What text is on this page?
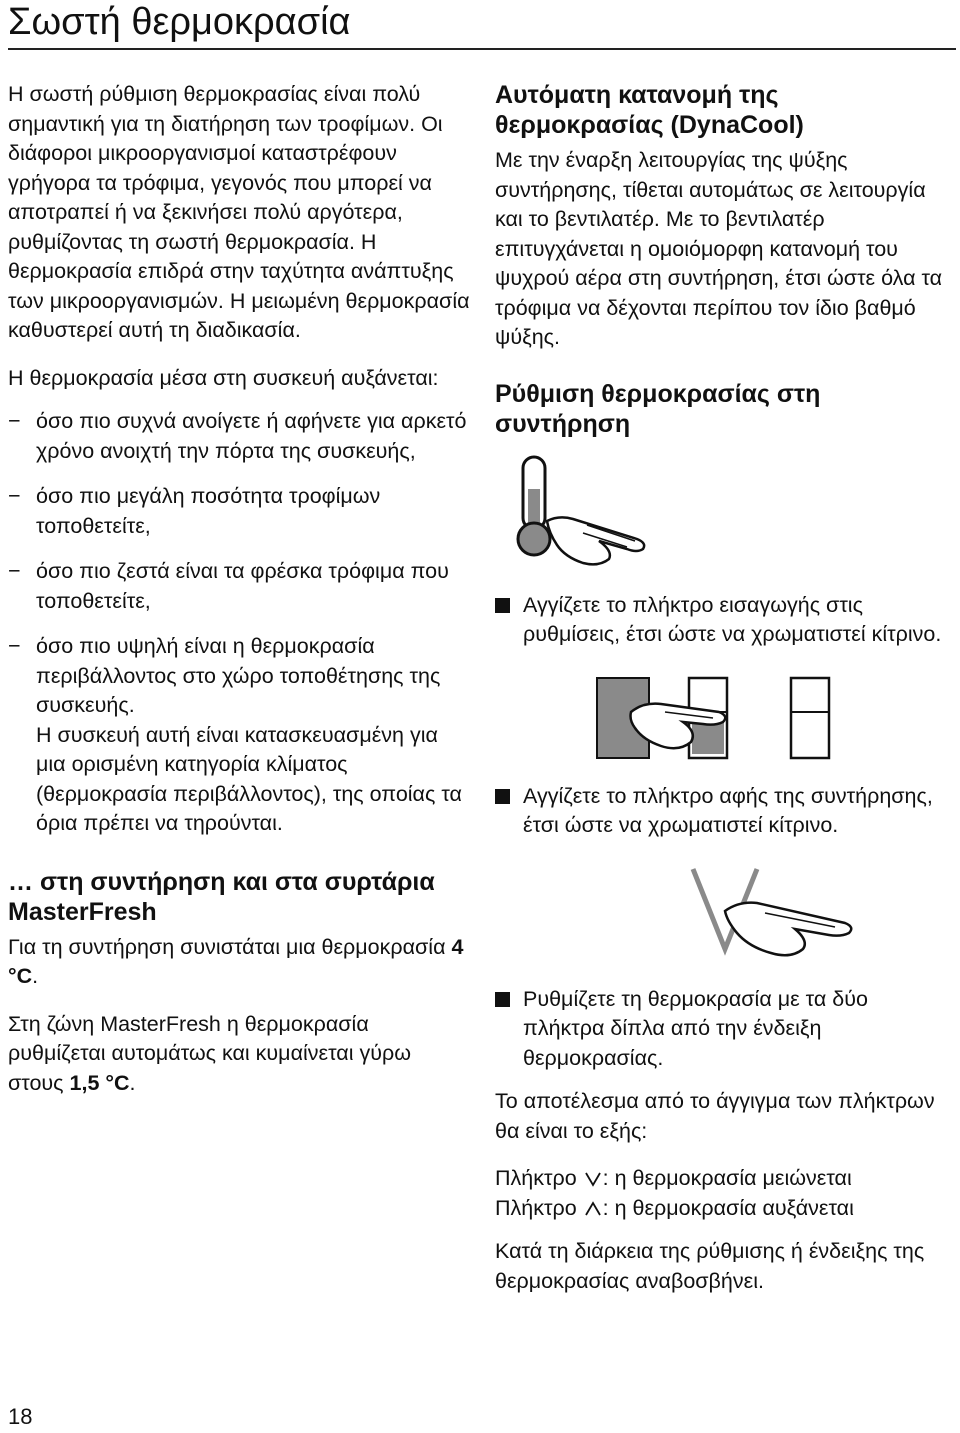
Σωστή θερμοκρασία

Η σωστή ρύθμιση θερμοκρασίας είναι πολύ σημαντική για τη διατήρηση των τροφίμων. Οι διάφοροι μικροοργανισμοί καταστρέφουν γρήγορα τα τρόφιμα, γεγονός που μπορεί να αποτραπεί ή να ξεκινήσει πολύ αργότερα, ρυθμίζοντας τη σωστή θερμοκρασία. Η θερμοκρασία επιδρά στην ταχύτητα ανάπτυξης των μικροοργανισμών. Η μειωμένη θερμοκρασία καθυστερεί αυτή τη διαδικασία.

Η θερμοκρασία μέσα στη συσκευή αυξάνεται:

− όσο πιο συχνά ανοίγετε ή αφήνετε για αρκετό χρόνο ανοιχτή την πόρτα της συσκευής,
− όσο πιο μεγάλη ποσότητα τροφίμων τοποθετείτε,
− όσο πιο ζεστά είναι τα φρέσκα τρόφιμα που τοποθετείτε,
− όσο πιο υψηλή είναι η θερμοκρασία περιβάλλοντος στο χώρο τοποθέτησης της συσκευής.
Η συσκευή αυτή είναι κατασκευασμένη για μια ορισμένη κατηγορία κλίματος (θερμοκρασία περιβάλλοντος), της οποίας τα όρια πρέπει να τηρούνται.
… στη συντήρηση και στα συρτάρια MasterFresh

Για τη συντήρηση συνιστάται μια θερμοκρασία 4 °C.

Στη ζώνη MasterFresh η θερμοκρασία ρυθμίζεται αυτομάτως και κυμαίνεται γύρω στους 1,5 °C.

Αυτόματη κατανομή της θερμοκρασίας (DynaCool)

Με την έναρξη λειτουργίας της ψύξης συντήρησης, τίθεται αυτομάτως σε λειτουργία και το βεντιλατέρ. Με το βεντιλατέρ επιτυγχάνεται η ομοιόμορφη κατανομή του ψυχρού αέρα στη συντήρηση, έτσι ώστε όλα τα τρόφιμα να δέχονται περίπου τον ίδιο βαθμό ψύξης.

Ρύθμιση θερμοκρασίας στη συντήρηση
Αγγίζετε το πλήκτρο εισαγωγής στις ρυθμίσεις, έτσι ώστε να χρωματιστεί κίτρινο.
Αγγίζετε το πλήκτρο αφής της συντήρησης, έτσι ώστε να χρωματιστεί κίτρινο.
Ρυθμίζετε τη θερμοκρασία με τα δύο πλήκτρα δίπλα από την ένδειξη θερμοκρασίας.

Το αποτέλεσμα από το άγγιγμα των πλήκτρων θα είναι το εξής:

Πλήκτρο : η θερμοκρασία μειώνεται
Πλήκτρο : η θερμοκρασία αυξάνεται

Κατά τη διάρκεια της ρύθμισης ή ένδειξης της θερμοκρασίας αναβοσβήνει.

18
